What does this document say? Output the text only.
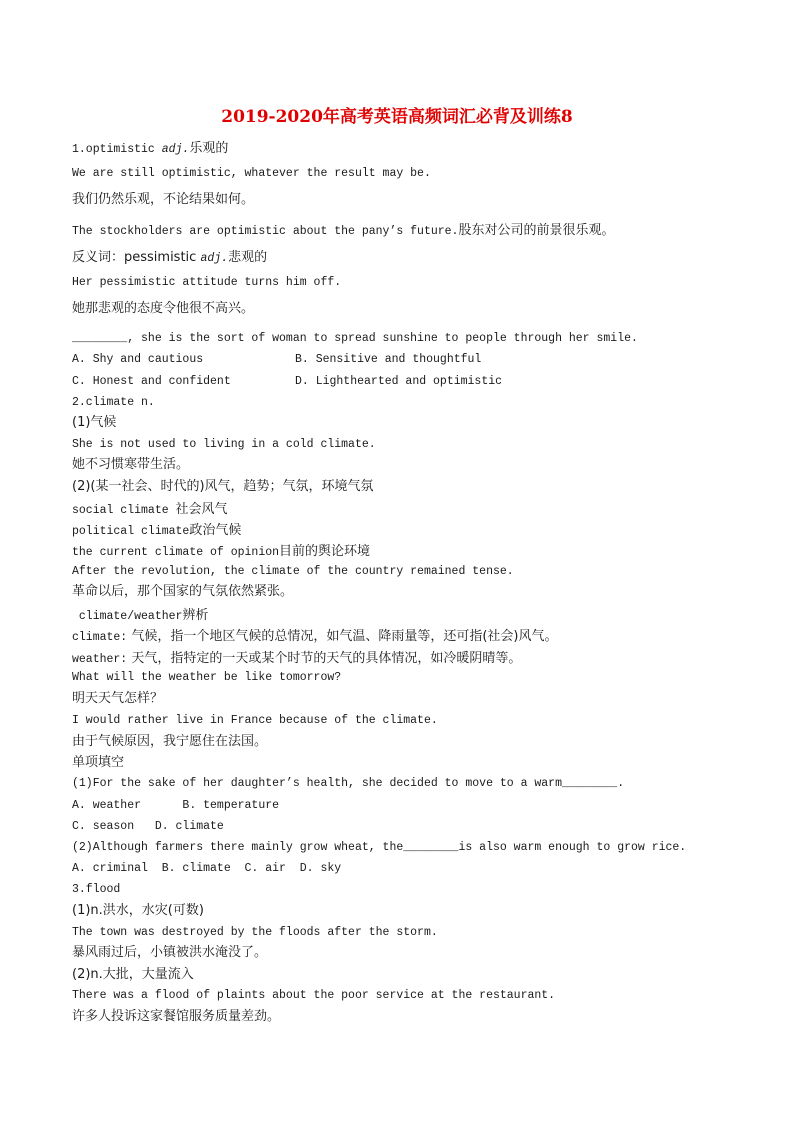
2019-2020年高考英语高频词汇必背及训练8
1.optimistic adj.乐观的
We are still optimistic, whatever the result may be.
我们仍然乐观，不论结果如何。
The stockholders are optimistic about the pany’s future.股东对公司的前景很乐观。
反义词：pessimistic adj.悲观的
Her pessimistic attitude turns him off.
她那悲观的态度令他很不高兴。
________, she is the sort of woman to spread sunshine to people through her smile.
A. Shy and cautious	B. Sensitive and thoughtful
C. Honest and confident	D. Lighthearted and optimistic
2.climate n.
(1)气候
She is not used to living in a cold climate.
她不习惯寒带生活。
(2)(某一社会、时代的)风气，趋势；气氛，环境气氛
social climate 社会风气
political climate政治气候
the current climate of opinion目前的舆论环境
After the revolution, the climate of the country remained tense.
革命以后，那个国家的气氛依然紧张。
climate/weather辨析
climate: 气候，指一个地区气候的总情况，如气温、降雨量等，还可指(社会)风气。
weather: 天气，指特定的一天或某个时节的天气的具体情况，如冷暖阴晴等。
What will the weather be like tomorrow?
明天天气怎样？
I would rather live in France because of the climate.
由于气候原因，我宁愿住在法国。
单项填空
(1)For the sake of her daughter’s health, she decided to move to a warm________.
A. weather      B. temperature
C. season   D. climate
(2)Although farmers there mainly grow wheat, the________is also warm enough to grow rice.
A. criminal  B. climate  C. air  D. sky
3.flood
(1)n.洪水，水灾(可数)
The town was destroyed by the floods after the storm.
暴风雨过后，小镇被洪水淹没了。
(2)n.大批，大量流入
There was a flood of plaints about the poor service at the restaurant.
许多人投诉这家餐馆服务质量差劲。
